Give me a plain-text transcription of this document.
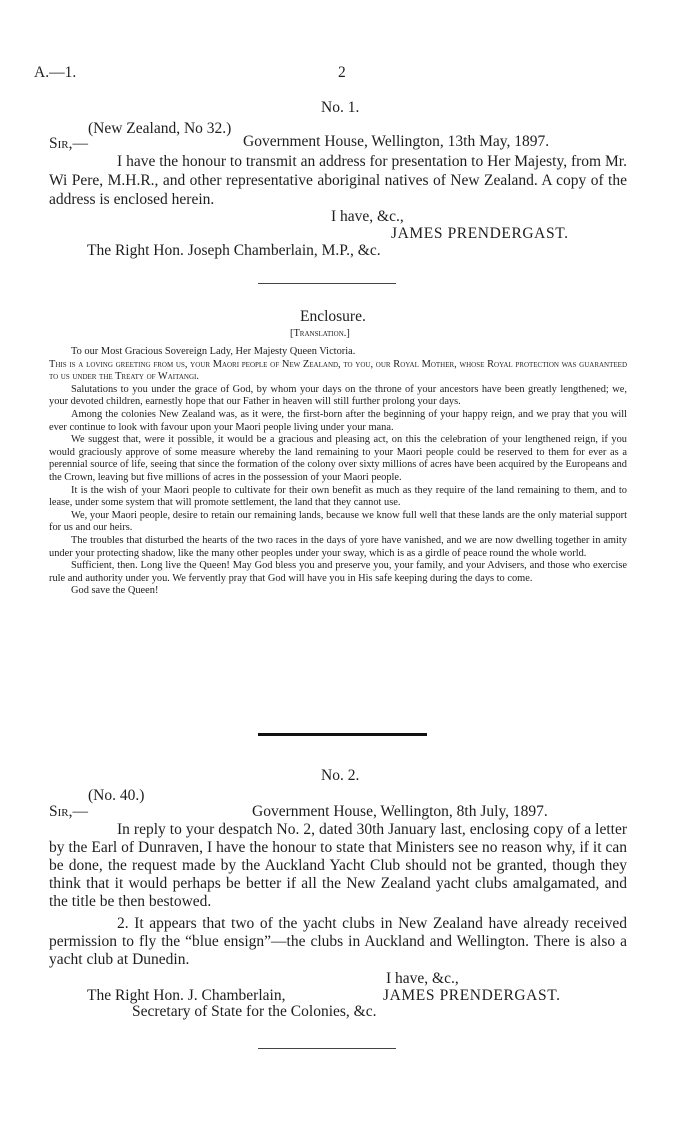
A.—1.	2
No. 1.
(New Zealand, No 32.)
Sir,—	Government House, Wellington, 13th May, 1897.
I have the honour to transmit an address for presentation to Her Majesty, from Mr. Wi Pere, M.H.R., and other representative aboriginal natives of New Zealand. A copy of the address is enclosed herein.
I have, &c.,
JAMES PRENDERGAST.
The Right Hon. Joseph Chamberlain, M.P., &c.
Enclosure.
[Translation.]

To our Most Gracious Sovereign Lady, Her Majesty Queen Victoria.

This is a loving greeting from us, your Maori people of New Zealand, to you, our Royal Mother, whose Royal protection was guaranteed to us under the Treaty of Waitangi.

Salutations to you under the grace of God, by whom your days on the throne of your ancestors have been greatly lengthened; we, your devoted children, earnestly hope that our Father in heaven will still further prolong your days.

Among the colonies New Zealand was, as it were, the first-born after the beginning of your happy reign, and we pray that you will ever continue to look with favour upon your Maori people living under your mana.

We suggest that, were it possible, it would be a gracious and pleasing act, on this the celebration of your lengthened reign, if you would graciously approve of some measure whereby the land remaining to your Maori people could be reserved to them for ever as a perennial source of life, seeing that since the formation of the colony over sixty millions of acres have been acquired by the Europeans and the Crown, leaving but five millions of acres in the possession of your Maori people.

It is the wish of your Maori people to cultivate for their own benefit as much as they require of the land remaining to them, and to lease, under some system that will promote settlement, the land that they cannot use.

We, your Maori people, desire to retain our remaining lands, because we know full well that these lands are the only material support for us and our heirs.

The troubles that disturbed the hearts of the two races in the days of yore have vanished, and we are now dwelling together in amity under your protecting shadow, like the many other peoples under your sway, which is as a girdle of peace round the whole world.

Sufficient, then. Long live the Queen! May God bless you and preserve you, your family, and your Advisers, and those who exercise rule and authority under you. We fervently pray that God will have you in His safe keeping during the days to come.

God save the Queen!

No. 2.
(No. 40.)
Sir,—	Government House, Wellington, 8th July, 1897.
In reply to your despatch No. 2, dated 30th January last, enclosing copy of a letter by the Earl of Dunraven, I have the honour to state that Ministers see no reason why, if it can be done, the request made by the Auckland Yacht Club should not be granted, though they think that it would perhaps be better if all the New Zealand yacht clubs amalgamated, and the title be then bestowed.
2. It appears that two of the yacht clubs in New Zealand have already received permission to fly the “blue ensign”—the clubs in Auckland and Wellington. There is also a yacht club at Dunedin.
I have, &c.,
The Right Hon. J. Chamberlain,	JAMES PRENDERGAST.
Secretary of State for the Colonies, &c.
